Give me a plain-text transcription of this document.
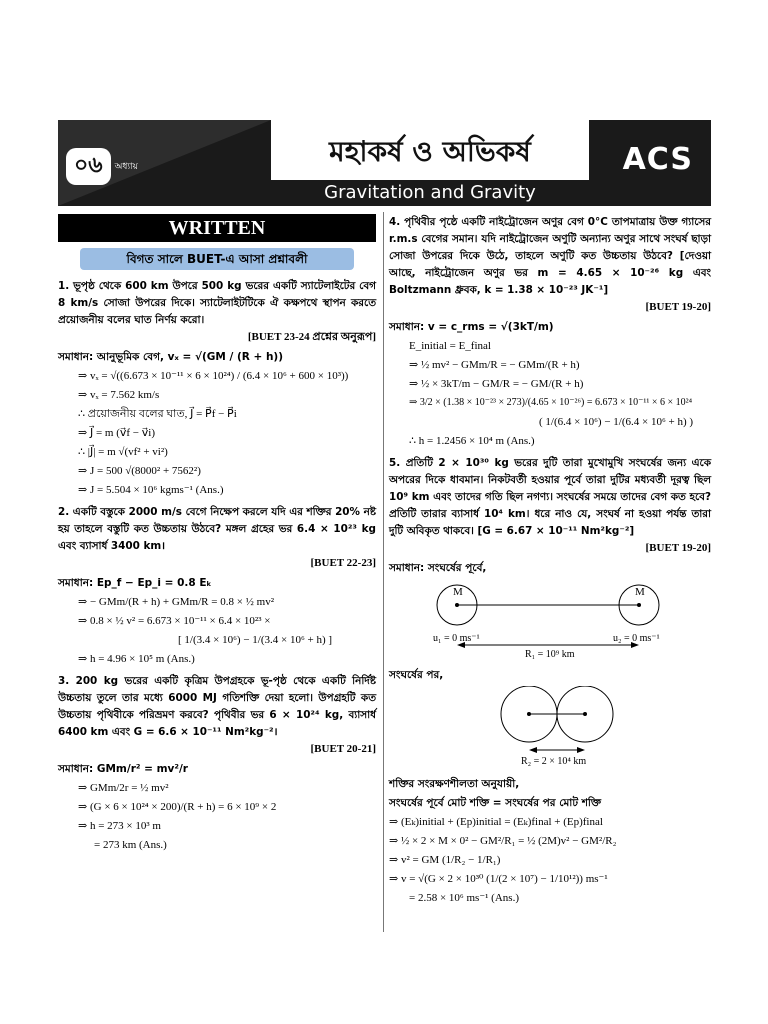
মহাকর্ষ ও অভিকর্ষ
Gravitation and Gravity
০৬	অধ্যায়	ACS
WRITTEN
বিগত সালে BUET-এ আসা প্রশ্নাবলী
1. ভূপৃষ্ঠ থেকে 600 km উপরে 500 kg ভরের একটি স্যাটেলাইটের বেগ 8 km/s সোজা উপরের দিকে। স্যাটেলাইটটিকে ঐ কক্ষপথে স্থাপন করতে প্রয়োজনীয় বলের ঘাত নির্ণয় করো।
[BUET 23-24 প্রশ্নের অনুরূপ]
সমাধান: আনুভূমিক বেগ, vₓ = √(GM / (R + h))
⇒ vₓ = √((6.673 × 10⁻¹¹ × 6 × 10²⁴) / (6.4 × 10⁶ + 600 × 10³))
⇒ vₓ = 7.562 km/s
∴ প্রয়োজনীয় বলের ঘাত, J⃗ = P⃗f − P⃗i
⇒ J⃗ = m (v⃗f − v⃗i)
∴ |J⃗| = m √(vf² + vi²)
⇒ J = 500 √(8000² + 7562²)
⇒ J = 5.504 × 10⁶ kgms⁻¹ (Ans.)
2. একটি বস্তুকে 2000 m/s বেগে নিক্ষেপ করলে যদি এর শক্তির 20% নষ্ট হয় তাহলে বস্তুটি কত উচ্চতায় উঠবে? মঙ্গল গ্রহের ভর 6.4 × 10²³ kg এবং ব্যাসার্ধ 3400 km।
[BUET 22-23]
সমাধান: Ep_f − Ep_i = 0.8 Eₖ
⇒ − GMm/(R + h) + GMm/R = 0.8 × ½ mv²
⇒ 0.8 × ½ v² = 6.673 × 10⁻¹¹ × 6.4 × 10²³ ×
[ 1/(3.4 × 10⁶) − 1/(3.4 × 10⁶ + h) ]
⇒ h = 4.96 × 10⁵ m (Ans.)
3. 200 kg ভরের একটি কৃত্রিম উপগ্রহকে ভূ-পৃষ্ঠ থেকে একটি নির্দিষ্ট উচ্চতায় তুলে তার মধ্যে 6000 MJ গতিশক্তি দেয়া হলো। উপগ্রহটি কত উচ্চতায় পৃথিবীকে পরিভ্রমণ করবে? পৃথিবীর ভর 6 × 10²⁴ kg, ব্যাসার্ধ 6400 km এবং G = 6.6 × 10⁻¹¹ Nm²kg⁻²।
[BUET 20-21]
সমাধান: GMm/r² = mv²/r
⇒ GMm/2r = ½ mv²
⇒ (G × 6 × 10²⁴ × 200)/(R + h) = 6 × 10⁹ × 2
⇒ h = 273 × 10³ m
= 273 km (Ans.)
4. পৃথিবীর পৃষ্ঠে একটি নাইট্রোজেন অণুর বেগ 0°C তাপমাত্রায় উক্ত গ্যাসের r.m.s বেগের সমান। যদি নাইট্রোজেন অণুটি অন্যান্য অণুর সাথে সংঘর্ষ ছাড়া সোজা উপরের দিকে উঠে, তাহলে অণুটি কত উচ্চতায় উঠবে? [দেওয়া আছে, নাইট্রোজেন অণুর ভর m = 4.65 × 10⁻²⁶ kg এবং Boltzmann ধ্রুবক, k = 1.38 × 10⁻²³ JK⁻¹]
[BUET 19-20]
সমাধান: v = c_rms = √(3kT/m)
E_initial = E_final
⇒ ½ mv² − GMm/R = − GMm/(R + h)
⇒ ½ × 3kT/m − GM/R = − GM/(R + h)
⇒ 3/2 × (1.38 × 10⁻²³ × 273)/(4.65 × 10⁻²⁶) = 6.673 × 10⁻¹¹ × 6 × 10²⁴
( 1/(6.4 × 10⁶) − 1/(6.4 × 10⁶ + h) )
∴ h = 1.2456 × 10⁴ m (Ans.)
5. প্রতিটি 2 × 10³⁰ kg ভরের দুটি তারা মুখোমুখি সংঘর্ষের জন্য একে অপরের দিকে ধাবমান। নিকটবর্তী হওয়ার পূর্বে তারা দুটির মধ্যবর্তী দূরত্ব ছিল 10⁹ km এবং তাদের গতি ছিল নগণ্য। সংঘর্ষের সময়ে তাদের বেগ কত হবে? প্রতিটি তারার ব্যাসার্ধ 10⁴ km। ধরে নাও যে, সংঘর্ষ না হওয়া পর্যন্ত তারা দুটি অবিকৃত থাকবে। [G = 6.67 × 10⁻¹¹ Nm²kg⁻²]
[BUET 19-20]
সমাধান: সংঘর্ষের পূর্বে,
M	M
u₁ = 0 ms⁻¹	u₂ = 0 ms⁻¹
R₁ = 10⁹ km
সংঘর্ষের পর,
R₂ = 2 × 10⁴ km
শক্তির সংরক্ষণশীলতা অনুযায়ী,
সংঘর্ষের পূর্বে মোট শক্তি = সংঘর্ষের পর মোট শক্তি
⇒ (Eₖ)initial + (Ep)initial = (Eₖ)final + (Ep)final
⇒ ½ × 2 × M × 0² − GM²/R₁ = ½ (2M)v² − GM²/R₂
⇒ v² = GM (1/R₂ − 1/R₁)
⇒ v = √(G × 2 × 10³⁰ (1/(2 × 10⁷) − 1/10¹²)) ms⁻¹
= 2.58 × 10⁶ ms⁻¹ (Ans.)
